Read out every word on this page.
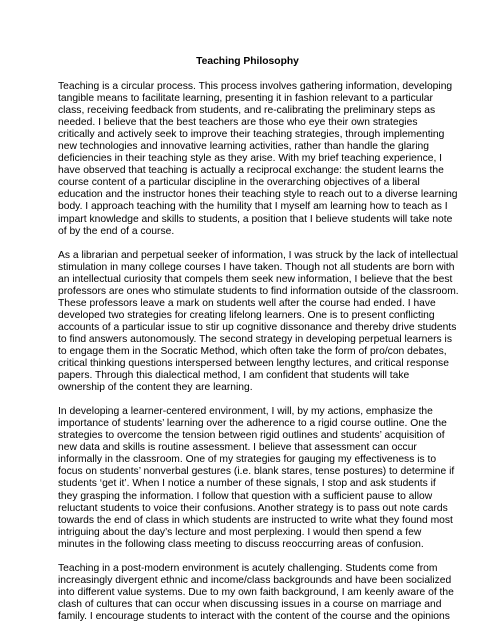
Teaching Philosophy

Teaching is a circular process. This process involves gathering information, developing
tangible means to facilitate learning, presenting it in fashion relevant to a particular
class, receiving feedback from students, and re-calibrating the preliminary steps as
needed. I believe that the best teachers are those who eye their own strategies
critically and actively seek to improve their teaching strategies, through implementing
new technologies and innovative learning activities, rather than handle the glaring
deficiencies in their teaching style as they arise. With my brief teaching experience, I
have observed that teaching is actually a reciprocal exchange: the student learns the
course content of a particular discipline in the overarching objectives of a liberal
education and the instructor hones their teaching style to reach out to a diverse learning
body. I approach teaching with the humility that I myself am learning how to teach as I
impart knowledge and skills to students, a position that I believe students will take note
of by the end of a course.

As a librarian and perpetual seeker of information, I was struck by the lack of intellectual
stimulation in many college courses I have taken. Though not all students are born with
an intellectual curiosity that compels them seek new information, I believe that the best
professors are ones who stimulate students to find information outside of the classroom.
These professors leave a mark on students well after the course had ended. I have
developed two strategies for creating lifelong learners. One is to present conflicting
accounts of a particular issue to stir up cognitive dissonance and thereby drive students
to find answers autonomously. The second strategy in developing perpetual learners is
to engage them in the Socratic Method, which often take the form of pro/con debates,
critical thinking questions interspersed between lengthy lectures, and critical response
papers. Through this dialectical method, I am confident that students will take
ownership of the content they are learning.

In developing a learner-centered environment, I will, by my actions, emphasize the
importance of students’ learning over the adherence to a rigid course outline. One the
strategies to overcome the tension between rigid outlines and students’ acquisition of
new data and skills is routine assessment. I believe that assessment can occur
informally in the classroom. One of my strategies for gauging my effectiveness is to
focus on students’ nonverbal gestures (i.e. blank stares, tense postures) to determine if
students ‘get it’. When I notice a number of these signals, I stop and ask students if
they grasping the information. I follow that question with a sufficient pause to allow
reluctant students to voice their confusions. Another strategy is to pass out note cards
towards the end of class in which students are instructed to write what they found most
intriguing about the day’s lecture and most perplexing. I would then spend a few
minutes in the following class meeting to discuss reoccurring areas of confusion.

Teaching in a post-modern environment is acutely challenging. Students come from
increasingly divergent ethnic and income/class backgrounds and have been socialized
into different value systems. Due to my own faith background, I am keenly aware of the
clash of cultures that can occur when discussing issues in a course on marriage and
family. I encourage students to interact with the content of the course and the opinions
